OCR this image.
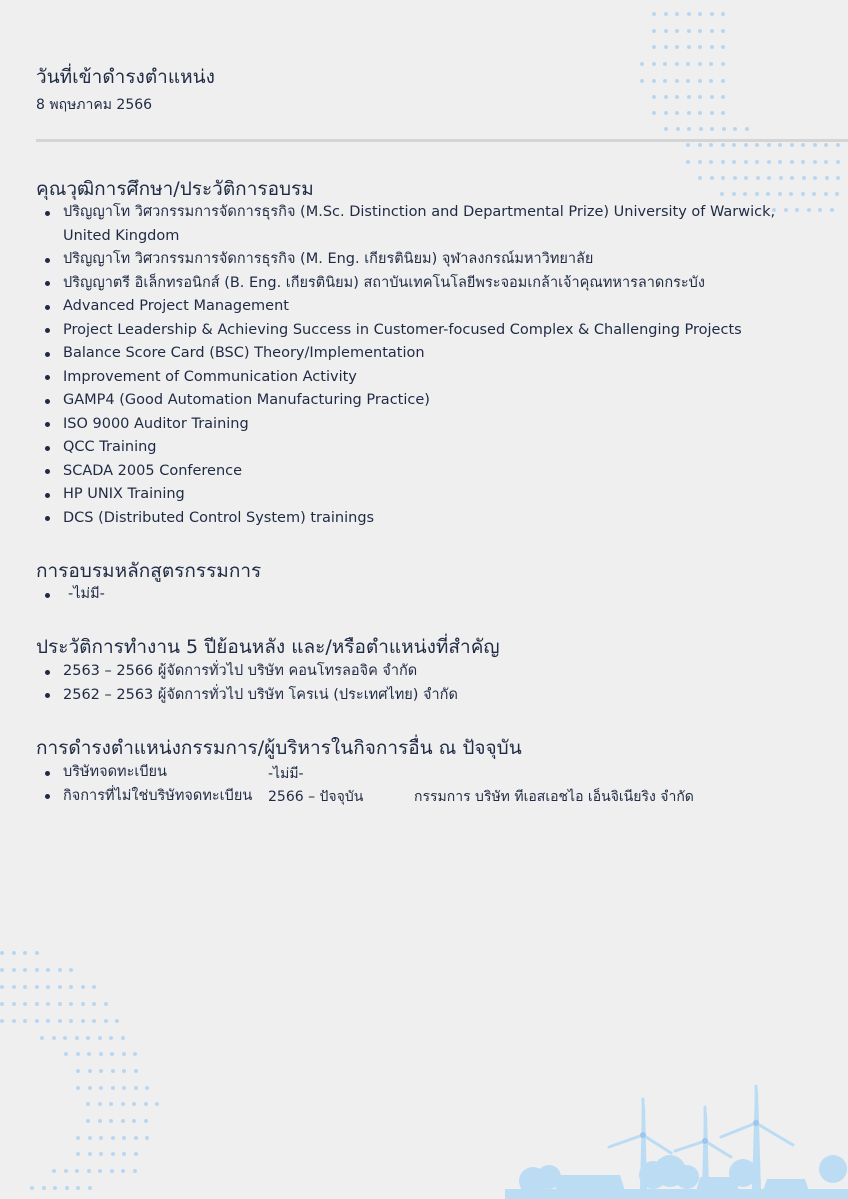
วันที่เข้าดำรงตำแหน่ง
8 พฤษภาคม 2566
คุณวุฒิการศึกษา/ประวัติการอบรม
ปริญญาโท วิศวกรรมการจัดการธุรกิจ (M.Sc. Distinction and Departmental Prize) University of Warwick,
United Kingdom
ปริญญาโท วิศวกรรมการจัดการธุรกิจ (M. Eng. เกียรตินิยม) จุฬาลงกรณ์มหาวิทยาลัย
ปริญญาตรี อิเล็กทรอนิกส์ (B. Eng. เกียรตินิยม) สถาบันเทคโนโลยีพระจอมเกล้าเจ้าคุณทหารลาดกระบัง
Advanced Project Management
Project Leadership & Achieving Success in Customer-focused Complex & Challenging Projects
Balance Score Card (BSC) Theory/Implementation
Improvement of Communication Activity
GAMP4 (Good Automation Manufacturing Practice)
ISO 9000 Auditor Training
QCC Training
SCADA 2005 Conference
HP UNIX Training
DCS (Distributed Control System) trainings
การอบรมหลักสูตรกรรมการ
-ไม่มี-
ประวัติการทำงาน 5 ปีย้อนหลัง และ/หรือตำแหน่งที่สำคัญ
2563 – 2566 ผู้จัดการทั่วไป บริษัท คอนโทรลอจิค จำกัด
2562 – 2563 ผู้จัดการทั่วไป บริษัท โครเน่ (ประเทศไทย) จำกัด
การดำรงตำแหน่งกรรมการ/ผู้บริหารในกิจการอื่น ณ ปัจจุบัน
บริษัทจดทะเบียน
กิจการที่ไม่ใช่บริษัทจดทะเบียน
-ไม่มี-
2566 – ปัจจุบัน	กรรมการ บริษัท ทีเอสเอชไอ เอ็นจิเนียริง จำกัด
